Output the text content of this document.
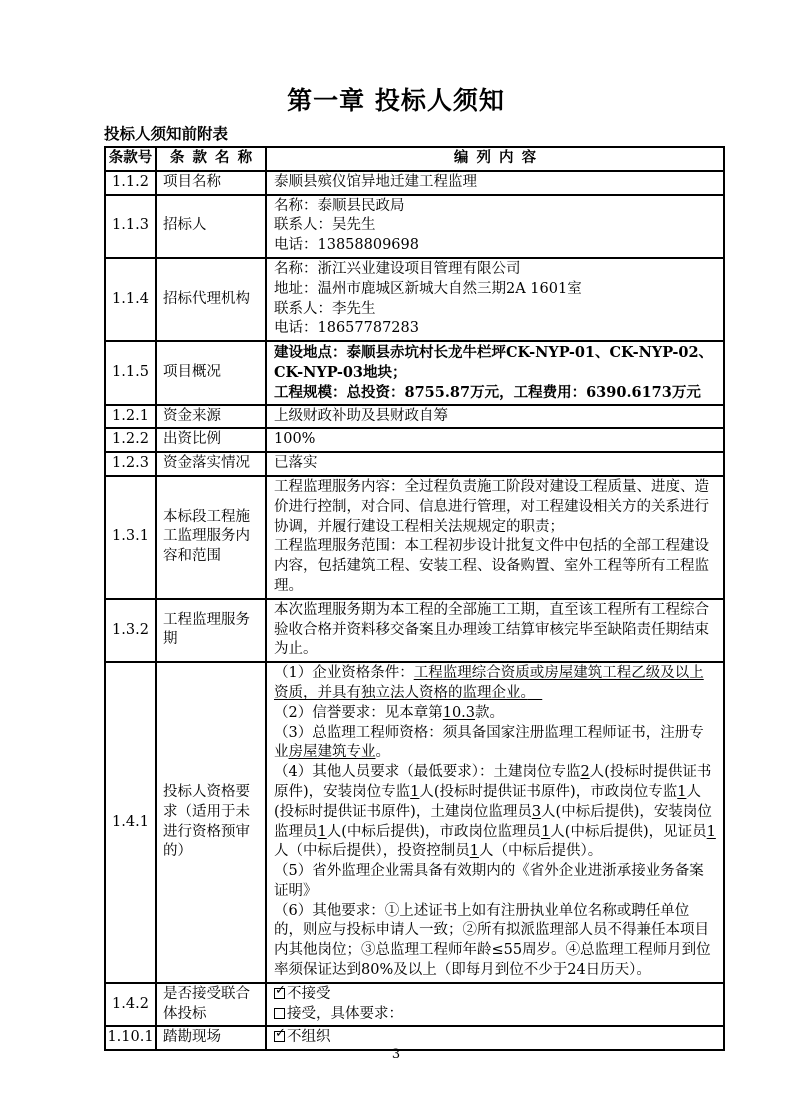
第一章 投标人须知
投标人须知前附表
条款号	条 款 名 称	编 列 内 容
1.1.2	项目名称	泰顺县殡仪馆异地迁建工程监理

1.1.3	招标人	名称：泰顺县民政局
联系人：吴先生
电话：13858809698

1.1.4	招标代理机构	名称：浙江兴业建设项目管理有限公司
地址：温州市鹿城区新城大自然三期2A 1601室
联系人：李先生
电话：18657787283

1.1.5	项目概况	建设地点：泰顺县赤坑村长龙牛栏坪CK-NYP-01、CK-NYP-02、CK-NYP-03地块；
工程规模：总投资：8755.87万元，工程费用：6390.6173万元

1.2.1	资金来源	上级财政补助及县财政自筹

1.2.2	出资比例	100%

1.2.3	资金落实情况	已落实

1.3.1	本标段工程施工监理服务内容和范围	工程监理服务内容：全过程负责施工阶段对建设工程质量、进度、造价进行控制，对合同、信息进行管理，对工程建设相关方的关系进行协调，并履行建设工程相关法规规定的职责；
工程监理服务范围：本工程初步设计批复文件中包括的全部工程建设内容，包括建筑工程、安装工程、设备购置、室外工程等所有工程监理。

1.3.2	工程监理服务期	本次监理服务期为本工程的全部施工工期，直至该工程所有工程综合验收合格并资料移交备案且办理竣工结算审核完毕至缺陷责任期结束为止。

1.4.1	投标人资格要求（适用于未进行资格预审的）	
（1）企业资格条件：工程监理综合资质或房屋建筑工程乙级及以上资质，并具有独立法人资格的监理企业。　
（2）信誉要求：见本章第10.3款。
（3）总监理工程师资格：须具备国家注册监理工程师证书，注册专业房屋建筑专业。
（4）其他人员要求（最低要求）：土建岗位专监2人(投标时提供证书原件)，安装岗位专监1人(投标时提供证书原件)，市政岗位专监1人(投标时提供证书原件)，土建岗位监理员3人(中标后提供)，安装岗位监理员1人(中标后提供)，市政岗位监理员1人(中标后提供)，见证员1人（中标后提供），投资控制员1人（中标后提供）。
（5）省外监理企业需具备有效期内的《省外企业进浙承接业务备案证明》
（6）其他要求：①上述证书上如有注册执业单位名称或聘任单位的，则应与投标申请人一致；②所有拟派监理部人员不得兼任本项目内其他岗位；③总监理工程师年龄≤55周岁。④总监理工程师月到位率须保证达到80%及以上（即每月到位不少于24日历天）。

1.4.2	是否接受联合体投标	✓ 不接受
接受，具体要求：

1.10.1	踏勘现场	✓ 不组织
3
